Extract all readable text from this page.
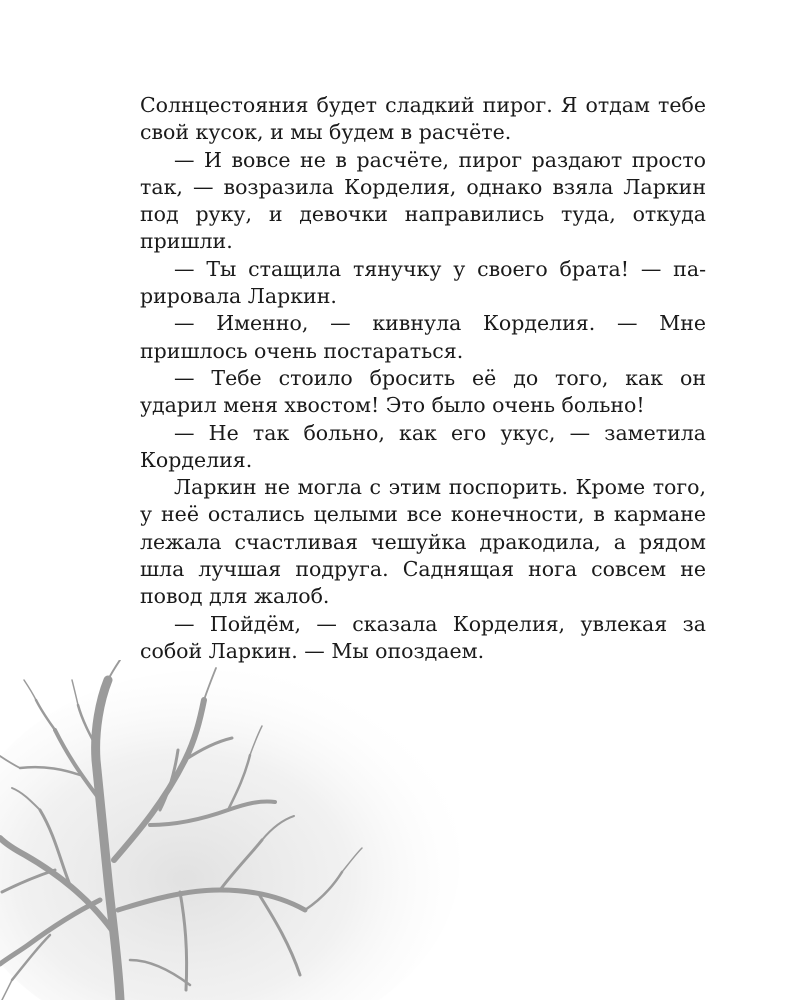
Солнцестояния будет сладкий пирог. Я отдам тебе свой кусок, и мы будем в расчёте.

— И вовсе не в расчёте, пирог раздают просто так, — возразила Корделия, однако взяла Ларкин под руку, и девочки направились туда, откуда пришли.

— Ты стащила тянучку у своего брата! — парировала Ларкин.

— Именно, — кивнула Корделия. — Мне пришлось очень постараться.

— Тебе стоило бросить её до того, как он ударил меня хвостом! Это было очень больно!

— Не так больно, как его укус, — заметила Корделия.

Ларкин не могла с этим поспорить. Кроме того, у неё остались целыми все конечности, в кармане лежала счастливая чешуйка дракодила, а рядом шла лучшая подруга. Саднящая нога совсем не повод для жалоб.

— Пойдём, — сказала Корделия, увлекая за собой Ларкин. — Мы опоздаем.
